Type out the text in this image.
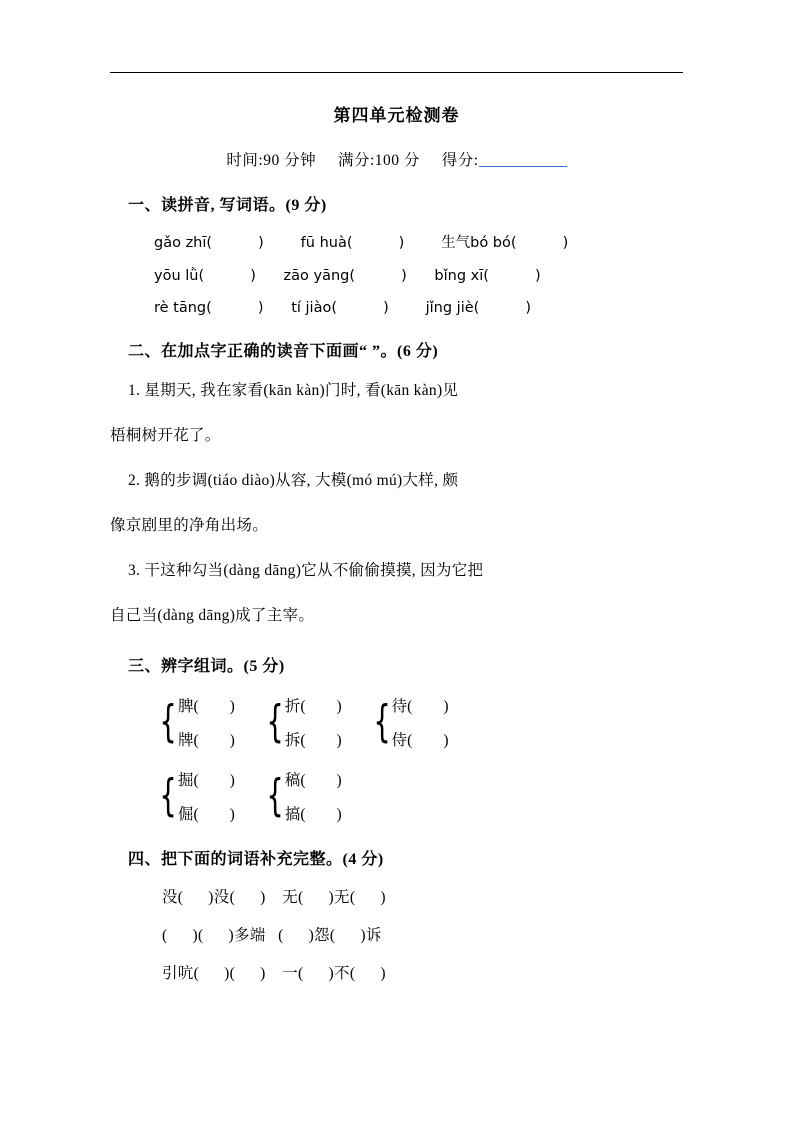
第四单元检测卷
时间:90 分钟 满分:100 分 得分:
一、读拼音, 写词语。(9 分)
gǎo zhī(          )        fū huà(          )        生气bó bó(          )
yōu lǜ(          )      zāo yāng(          )      bǐng xī(          )
rè tāng(          )      tí jiào(          )        jǐng jiè(          )
二、在加点字正确的读音下面画“ ”。(6 分)
1. 星期天, 我在家看(kān kàn)门时, 看(kān kàn)见
梧桐树开花了。
2. 鹅的步调(tiáo diào)从容, 大模(mó mú)大样, 颇
像京剧里的净角出场。
3. 干这种勾当(dàng dāng)它从不偷偷摸摸, 因为它把
自己当(dàng dāng)成了主宰。
三、辨字组词。(5 分)
{ 脾(        )
牌(        ) { 折(        )
拆(        ) { 待(        )
侍(        )
{ 掘(        )
倔(        ) { 稿(        )
搞(        )
四、把下面的词语补充完整。(4 分)
没(      )没(      )    无(      )无(      )
(      )(      )多端   (      )怨(      )诉
引吭(      )(      )    一(      )不(      )
